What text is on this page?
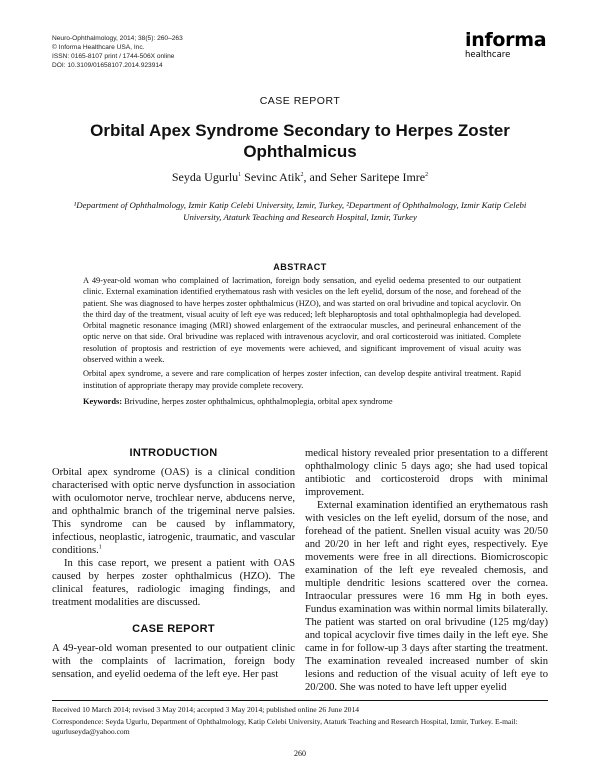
Neuro-Ophthalmology, 2014; 38(5): 260–263
© Informa Healthcare USA, Inc.
ISSN: 0165-8107 print / 1744-506X online
DOI: 10.3109/01658107.2014.923914
informa
healthcare
CASE REPORT
Orbital Apex Syndrome Secondary to Herpes Zoster Ophthalmicus
Seyda Ugurlu$^1$ Sevinc Atik$^2$, and Seher Saritepe Imre$^2$
¹Department of Ophthalmology, Izmir Katip Celebi University, Izmir, Turkey, ²Department of Ophthalmology, Izmir Katip Celebi University, Ataturk Teaching and Research Hospital, Izmir, Turkey
ABSTRACT

A 49-year-old woman who complained of lacrimation, foreign body sensation, and eyelid oedema presented to our outpatient clinic. External examination identified erythematous rash with vesicles on the left eyelid, dorsum of the nose, and forehead of the patient. She was diagnosed to have herpes zoster ophthalmicus (HZO), and was started on oral brivudine and topical acyclovir. On the third day of the treatment, visual acuity of left eye was reduced; left blepharoptosis and total ophthalmoplegia had developed. Orbital magnetic resonance imaging (MRI) showed enlargement of the extraocular muscles, and perineural enhancement of the optic nerve on that side. Oral brivudine was replaced with intravenous acyclovir, and oral corticosteroid was initiated. Complete resolution of proptosis and restriction of eye movements were achieved, and significant improvement of visual acuity was observed within a week.

Orbital apex syndrome, a severe and rare complication of herpes zoster infection, can develop despite antiviral treatment. Rapid institution of appropriate therapy may provide complete recovery.

Keywords: Brivudine, herpes zoster ophthalmicus, ophthalmoplegia, orbital apex syndrome
INTRODUCTION

Orbital apex syndrome (OAS) is a clinical condition characterised with optic nerve dysfunction in association with oculomotor nerve, trochlear nerve, abducens nerve, and ophthalmic branch of the trigeminal nerve palsies. This syndrome can be caused by inflammatory, infectious, neoplastic, iatrogenic, traumatic, and vascular conditions.$^1$

In this case report, we present a patient with OAS caused by herpes zoster ophthalmicus (HZO). The clinical features, radiologic imaging findings, and treatment modalities are discussed.

CASE REPORT

A 49-year-old woman presented to our outpatient clinic with the complaints of lacrimation, foreign body sensation, and eyelid oedema of the left eye. Her past

medical history revealed prior presentation to a different ophthalmology clinic 5 days ago; she had used topical antibiotic and corticosteroid drops with minimal improvement.

External examination identified an erythematous rash with vesicles on the left eyelid, dorsum of the nose, and forehead of the patient. Snellen visual acuity was 20/50 and 20/20 in her left and right eyes, respectively. Eye movements were free in all directions. Biomicroscopic examination of the left eye revealed chemosis, and multiple dendritic lesions scattered over the cornea. Intraocular pressures were 16 mm Hg in both eyes. Fundus examination was within normal limits bilaterally. The patient was started on oral brivudine (125 mg/day) and topical acyclovir five times daily in the left eye. She came in for follow-up 3 days after starting the treatment. The examination revealed increased number of skin lesions and reduction of the visual acuity of left eye to 20/200. She was noted to have left upper eyelid

Received 10 March 2014; revised 3 May 2014; accepted 3 May 2014; published online 26 June 2014
Correspondence: Seyda Ugurlu, Department of Ophthalmology, Katip Celebi University, Ataturk Teaching and Research Hospital, Izmir, Turkey. E-mail: ugurluseyda@yahoo.com
260
